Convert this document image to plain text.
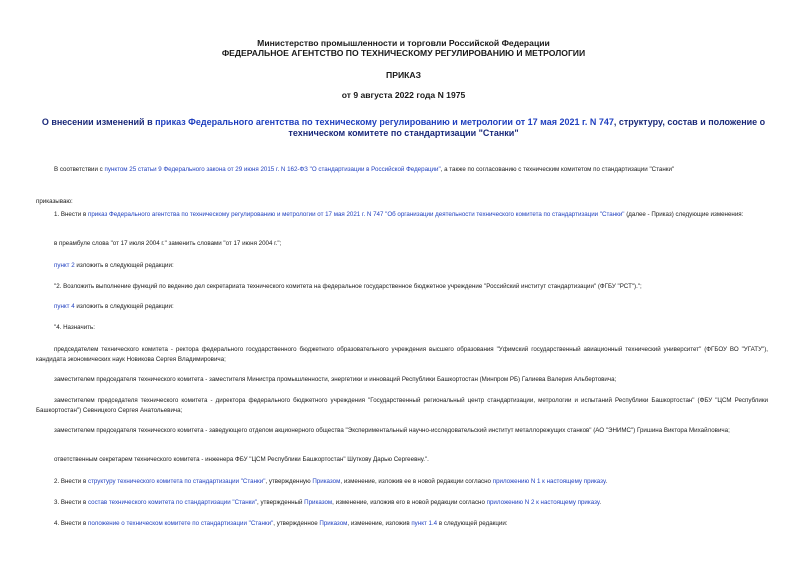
Министерство промышленности и торговли Российской Федерации
ФЕДЕРАЛЬНОЕ АГЕНТСТВО ПО ТЕХНИЧЕСКОМУ РЕГУЛИРОВАНИЮ И МЕТРОЛОГИИ
ПРИКАЗ
от 9 августа 2022 года N 1975
О внесении изменений в приказ Федерального агентства по техническому регулированию и метрологии от 17 мая 2021 г. N 747, структуру, состав и положение о техническом комитете по стандартизации "Станки"
В соответствии с пунктом 25 статьи 9 Федерального закона от 29 июня 2015 г. N 162-ФЗ "О стандартизации в Российской Федерации", а также по согласованию с техническим комитетом по стандартизации "Станки"
приказываю:
1. Внести в приказ Федерального агентства по техническому регулированию и метрологии от 17 мая 2021 г. N 747 "Об организации деятельности технического комитета по стандартизации "Станки" (далее - Приказ) следующие изменения:
в преамбуле слова "от 17 июля 2004 г." заменить словами "от 17 июня 2004 г.";
пункт 2 изложить в следующей редакции:
"2. Возложить выполнение функций по ведению дел секретариата технического комитета на федеральное государственное бюджетное учреждение "Российский институт стандартизации" (ФГБУ "РСТ").";
пункт 4 изложить в следующей редакции:
"4. Назначить:
председателем технического комитета - ректора федерального государственного бюджетного образовательного учреждения высшего образования "Уфимский государственный авиационный технический университет" (ФГБОУ ВО "УГАТУ"), кандидата экономических наук Новикова Сергея Владимировича;
заместителем председателя технического комитета - заместителя Министра промышленности, энергетики и инноваций Республики Башкортостан (Минпром РБ) Галиева Валерия Альбертовича;
заместителем председателя технического комитета - директора федерального бюджетного учреждения "Государственный региональный центр стандартизации, метрологии и испытаний Республики Башкортостан" (ФБУ "ЦСМ Республики Башкортостан") Севницкого Сергея Анатольевича;
заместителем председателя технического комитета - заведующего отделом акционерного общества "Экспериментальный научно-исследовательский институт металлорежущих станков" (АО "ЭНИМС") Гришина Виктора Михайловича;
ответственным секретарем технического комитета - инженера ФБУ "ЦСМ Республики Башкортостан" Шуткову Дарью Сергеевну.".
2. Внести в структуру технического комитета по стандартизации "Станки", утвержденную Приказом, изменение, изложив ее в новой редакции согласно приложению N 1 к настоящему приказу.
3. Внести в состав технического комитета по стандартизации "Станки", утвержденный Приказом, изменение, изложив его в новой редакции согласно приложению N 2 к настоящему приказу.
4. Внести в положение о техническом комитете по стандартизации "Станки", утвержденное Приказом, изменение, изложив пункт 1.4 в следующей редакции:
